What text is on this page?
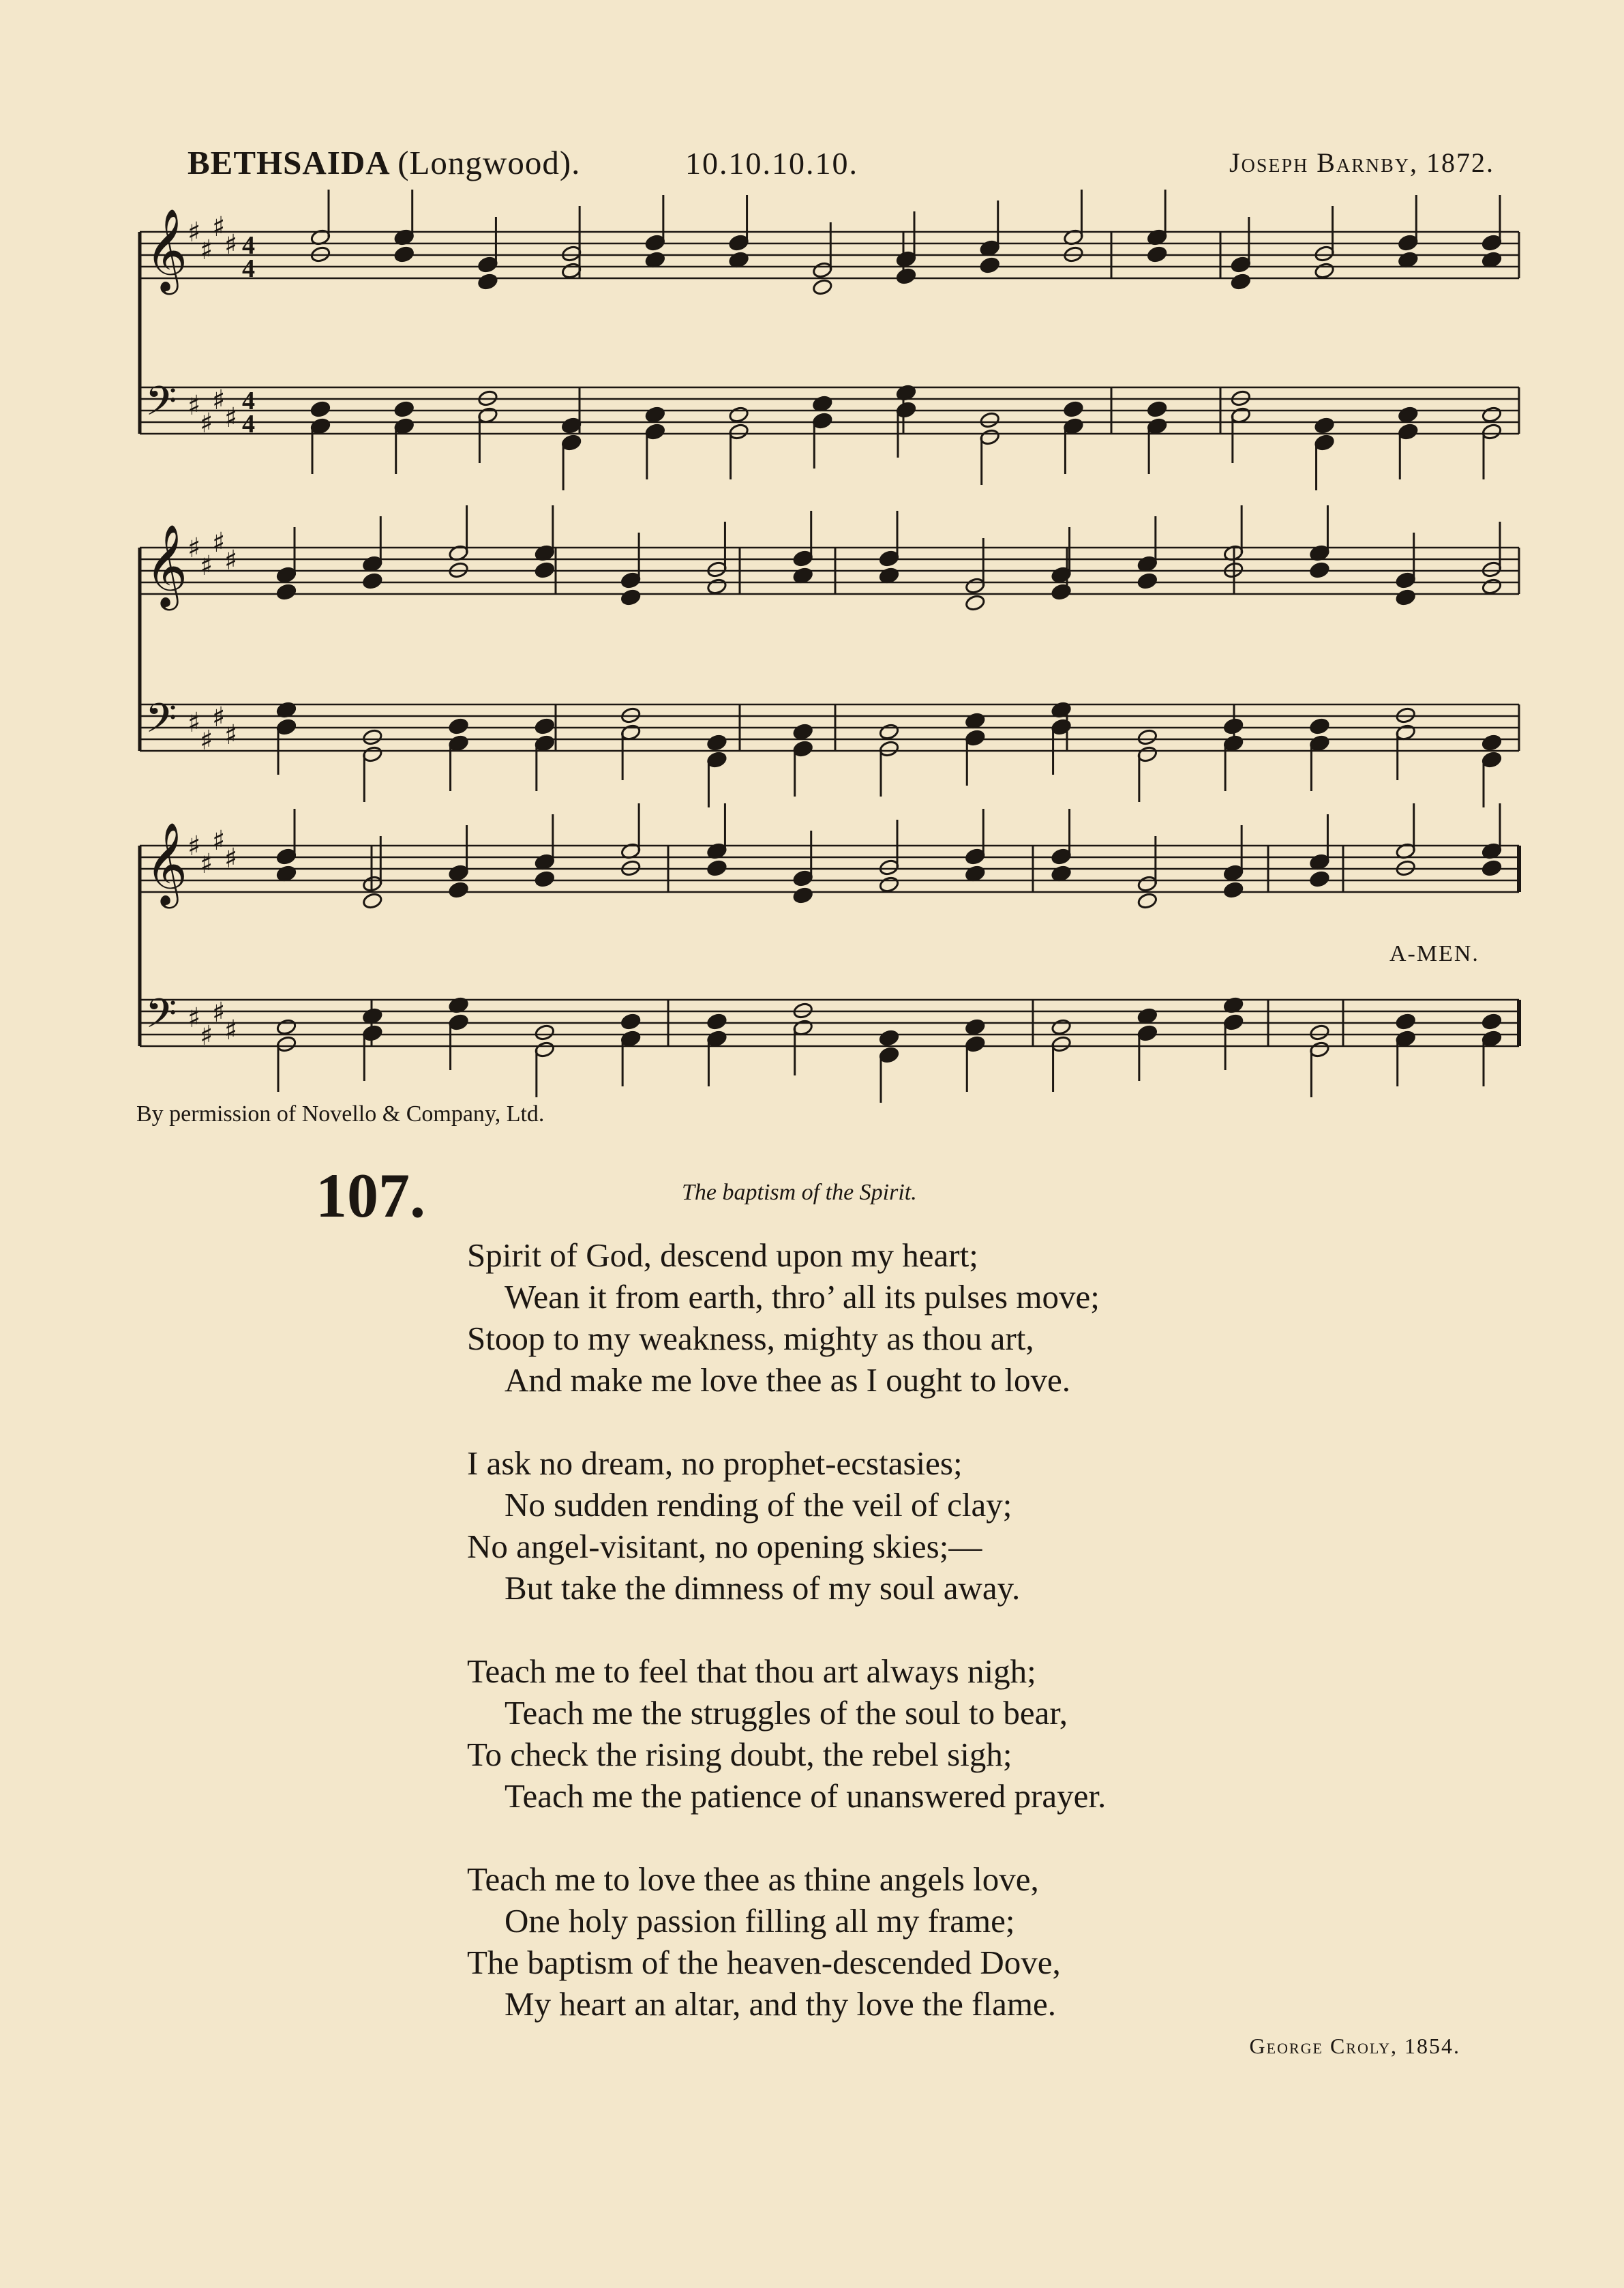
BETHSAIDA (Longwood).	10.10.10.10.	Joseph Barnby, 1872.
𝄞 ♯
♯
♯
♯ 4
4
𝄢 ♯
♯
♯
♯
4
4
𝄞 ♯
♯
♯
♯
𝄢 ♯
♯
♯
♯
𝄞 ♯
♯
♯
♯
𝄢 ♯
♯
♯
♯
A-MEN.
By permission of Novello & Company, Ltd.
107.	The baptism of the Spirit.
Spirit of God, descend upon my heart;
Wean it from earth, thro’ all its pulses move;
Stoop to my weakness, mighty as thou art,
And make me love thee as I ought to love.
I ask no dream, no prophet-ecstasies;
No sudden rending of the veil of clay;
No angel-visitant, no opening skies;—
But take the dimness of my soul away.
Teach me to feel that thou art always nigh;
Teach me the struggles of the soul to bear,
To check the rising doubt, the rebel sigh;
Teach me the patience of unanswered prayer.
Teach me to love thee as thine angels love,
One holy passion filling all my frame;
The baptism of the heaven-descended Dove,
My heart an altar, and thy love the flame.
George Croly, 1854.
